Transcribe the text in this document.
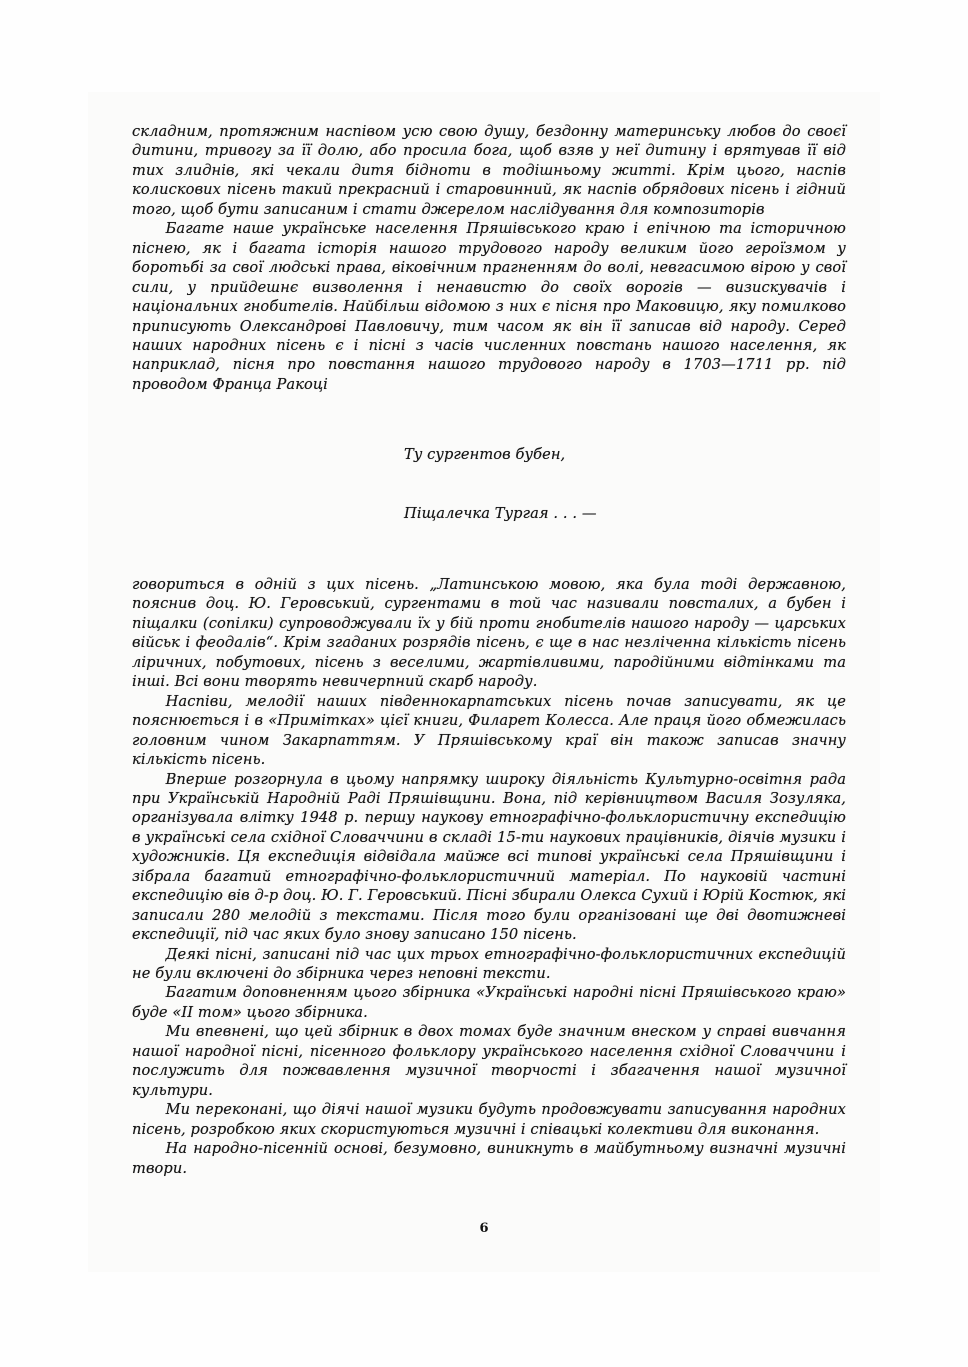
складним, протяжним наспівом усю свою душу, бездонну материнську любов до своєї дитини, тривогу за її долю, або просила бога, щоб взяв у неї дитину і врятував її від тих злиднів, які чекали дитя бідноти в тодішньому житті. Крім цього, наспів колискових пісень такий прекрасний і старовинний, як наспів обрядових пісень і гідний того, щоб бути записаним і стати джерелом наслідування для композиторів

Багате наше українське населення Пряшівського краю і епічною та історичною піснею, як і багата історія нашого трудового народу великим його героїзмом у боротьбі за свої людські права, віковічним прагненням до волі, невгасимою вірою у свої сили, у прийдешнє визволення і ненавистю до своїх ворогів — визискувачів і національних гнобителів. Найбільш відомою з них є пісня про Маковицю, яку помилково приписують Олександрові Павловичу, тим часом як він її записав від народу. Серед наших народних пісень є і пісні з часів численних повстань нашого населення, як наприклад, пісня про повстання нашого трудового народу в 1703—1711 рр. під проводом Франца Ракоці

Ту сургентов бубен,

Піщалечка Тургая . . . —

говориться в одній з цих пісень. „Латинською мовою, яка була тоді державною, пояснив доц. Ю. Геровський, сургентами в той час називали повсталих, а бубен і піщалки (сопілки) супроводжували їх у бій проти гнобителів нашого народу — царських військ і феодалів“. Крім згаданих розрядів пісень, є ще в нас незліченна кількість пісень ліричних, побутових, пісень з веселими, жартівливими, пародійними відтінками та інші. Всі вони творять невичерпний скарб народу.

Наспіви, мелодії наших південнокарпатських пісень почав записувати, як це пояснюється і в «Примітках» цієї книги, Филарет Колесса. Але праця його обмежилась головним чином Закарпаттям. У Пряшівському краї він також записав значну кількість пісень.

Вперше розгорнула в цьому напрямку широку діяльність Культурно-освітня рада при Українській Народній Раді Пряшівщини. Вона, під керівництвом Василя Зозуляка, організувала влітку 1948 р. першу наукову етнографічно-фольклористичну експедицію в українські села східної Словаччини в складі 15-ти наукових працівників, діячів музики і художників. Ця експедиція відвідала майже всі типові українські села Пряшівщини і зібрала багатий етнографічно-фольклористичний матеріал. По науковій частині експедицію вів д-р доц. Ю. Г. Геровський. Пісні збирали Олекса Сухий і Юрій Костюк, які записали 280 мелодій з текстами. Після того були організовані ще дві двотижневі експедиції, під час яких було знову записано 150 пісень.

Деякі пісні, записані під час цих трьох етнографічно-фольклористичних експедицій не були включені до збірника через неповні тексти.

Багатим доповненням цього збірника «Українські народні пісні Пряшівського краю» буде «II том» цього збірника.

Ми впевнені, що цей збірник в двох томах буде значним внеском у справі вивчання нашої народної пісні, пісенного фольклору українського населення східної Словаччини і послужить для пожвавлення музичної творчості і збагачення нашої музичної культури.

Ми переконані, що діячі нашої музики будуть продовжувати записування народних пісень, розробкою яких скористуються музичні і співацькі колективи для виконання.

На народно-пісенній основі, безумовно, виникнуть в майбутньому визначні музичні твори.

6
